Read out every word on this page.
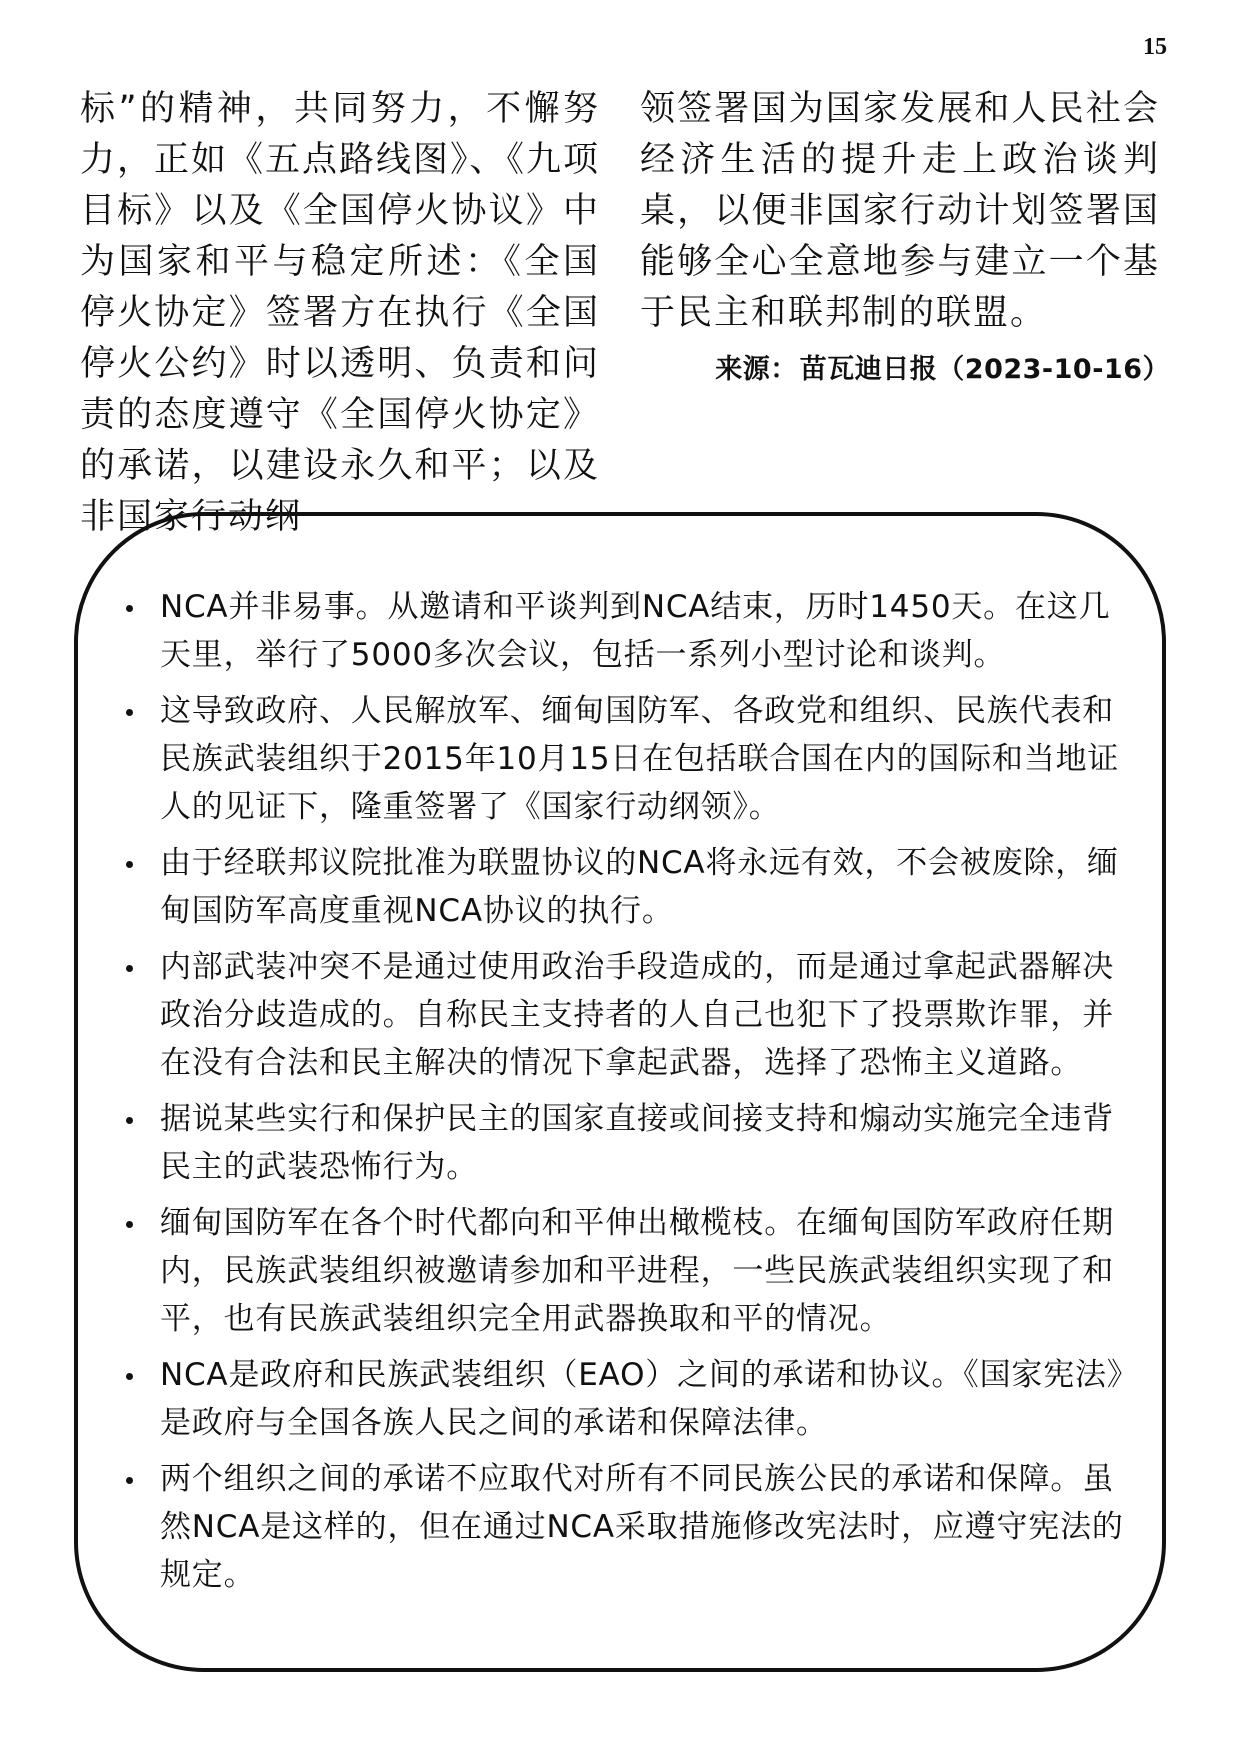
15
标”的精神，共同努力，不懈努力，正如《五点路线图》、《九项目标》以及《全国停火协议》中为国家和平与稳定所述：《全国停火协定》签署方在执行《全国停火公约》时以透明、负责和问责的态度遵守《全国停火协定》的承诺，以建设永久和平；以及非国家行动纲
领签署国为国家发展和人民社会经济生活的提升走上政治谈判桌，以便非国家行动计划签署国能够全心全意地参与建立一个基于民主和联邦制的联盟。
来源：苗瓦迪日报（2023-10-16）
NCA并非易事。从邀请和平谈判到NCA结束，历时1450天。在这几天里，举行了5000多次会议，包括一系列小型讨论和谈判。
这导致政府、人民解放军、缅甸国防军、各政党和组织、民族代表和民族武装组织于2015年10月15日在包括联合国在内的国际和当地证人的见证下，隆重签署了《国家行动纲领》。
由于经联邦议院批准为联盟协议的NCA将永远有效，不会被废除，缅甸国防军高度重视NCA协议的执行。
内部武装冲突不是通过使用政治手段造成的，而是通过拿起武器解决政治分歧造成的。自称民主支持者的人自己也犯下了投票欺诈罪，并在没有合法和民主解决的情况下拿起武器，选择了恐怖主义道路。
据说某些实行和保护民主的国家直接或间接支持和煽动实施完全违背民主的武装恐怖行为。
缅甸国防军在各个时代都向和平伸出橄榄枝。在缅甸国防军政府任期内，民族武装组织被邀请参加和平进程，一些民族武装组织实现了和平，也有民族武装组织完全用武器换取和平的情况。
NCA是政府和民族武装组织（EAO）之间的承诺和协议。《国家宪法》是政府与全国各族人民之间的承诺和保障法律。
两个组织之间的承诺不应取代对所有不同民族公民的承诺和保障。虽然NCA是这样的，但在通过NCA采取措施修改宪法时，应遵守宪法的规定。
